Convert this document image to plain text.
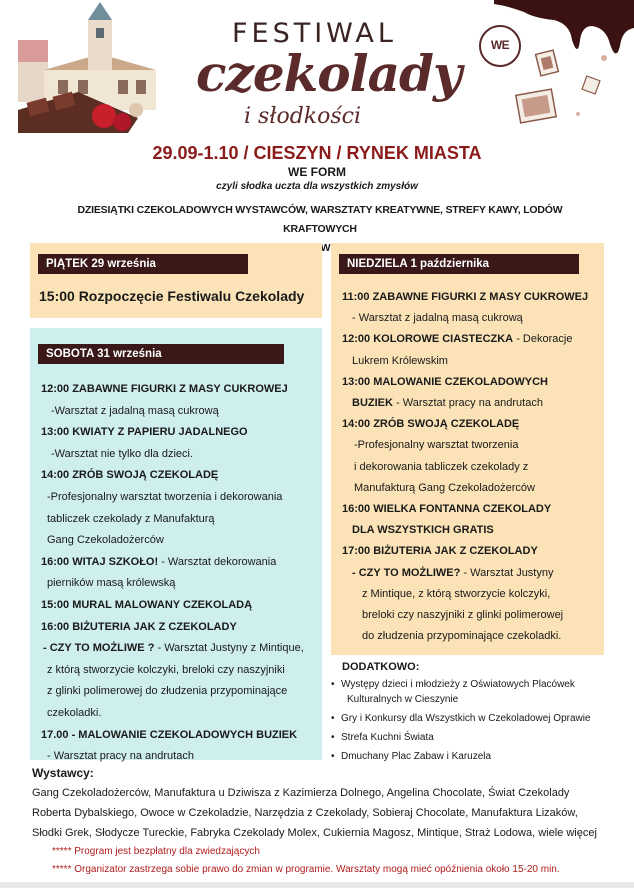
WE
FESTIWAL
czekolady
i słodkości
29.09-1.10 / CIESZYN / RYNEK MIASTA
WE FORM
czyli słodka uczta dla wszystkich zmysłów
DZIESIĄTKI CZEKOLADOWYCH WYSTAWCÓW, WARSZTATY KREATYWNE, STREFY KAWY, LODÓW KRAFTOWYCH
PIĄTEK 29 września
15:00 Rozpoczęcie Festiwalu Czekolady
SOBOTA 31 września
12:00 ZABAWNE FIGURKI Z MASY CUKROWEJ
-Warsztat z jadalną masą cukrową
13:00 KWIATY Z PAPIERU JADALNEGO
-Warsztat nie tylko dla dzieci.
14:00 ZRÓB SWOJĄ CZEKOLADĘ
-Profesjonalny warsztat tworzenia i dekorowania
tabliczek czekolady z Manufakturą
Gang Czekoladożerców
16:00 WITAJ SZKOŁO! - Warsztat dekorowania
pierników masą królewską
15:00 MURAL MALOWANY CZEKOLADĄ
16:00 BIŻUTERIA JAK Z CZEKOLADY
- CZY TO MOŻLIWE ? - Warsztat Justyny z Mintique,
z którą stworzycie kolczyki, breloki czy naszyjniki
z glinki polimerowej do złudzenia przypominające
czekoladki.
17.00 - MALOWANIE CZEKOLADOWYCH BUZIEK
- Warsztat pracy na andrutach
NIEDZIELA 1 października
11:00 ZABAWNE FIGURKI Z MASY CUKROWEJ
- Warsztat z jadalną masą cukrową
12:00 KOLOROWE CIASTECZKA - Dekoracje
Lukrem Królewskim
13:00 MALOWANIE CZEKOLADOWYCH
BUZIEK - Warsztat pracy na andrutach
14:00 ZRÓB SWOJĄ CZEKOLADĘ
-Profesjonalny warsztat tworzenia
i dekorowania tabliczek czekolady z
Manufakturą Gang Czekoladożerców
16:00 WIELKA FONTANNA CZEKOLADY
DLA WSZYSTKICH GRATIS
17:00 BIŻUTERIA JAK Z CZEKOLADY
- CZY TO MOŻLIWE? - Warsztat Justyny
z Mintique, z którą stworzycie kolczyki,
breloki czy naszyjniki z glinki polimerowej
do złudzenia przypominające czekoladki.
DODATKOWO:
• Występy dzieci i młodzieży z Oświatowych Placówek
Kulturalnych w Cieszynie
• Gry i Konkursy dla Wszystkich w Czekoladowej Oprawie
• Strefa Kuchni Świata
• Dmuchany Plac Zabaw i Karuzela
Wystawcy:
Gang Czekoladożerców, Manufaktura u Dziwisza z Kazimierza Dolnego, Angelina Chocolate, Świat Czekolady
Roberta Dybalskiego, Owoce w Czekoladzie, Narzędzia z Czekolady, Sobieraj Chocolate, Manufaktura Lizaków,
Słodki Grek, Słodycze Tureckie, Fabryka Czekolady Molex, Cukiernia Magosz, Mintique, Straż Lodowa, wiele więcej
***** Program jest bezpłatny dla zwiedzających
***** Organizator zastrzega sobie prawo do zmian w programie. Warsztaty mogą mieć opóźnienia około 15-20 min.
